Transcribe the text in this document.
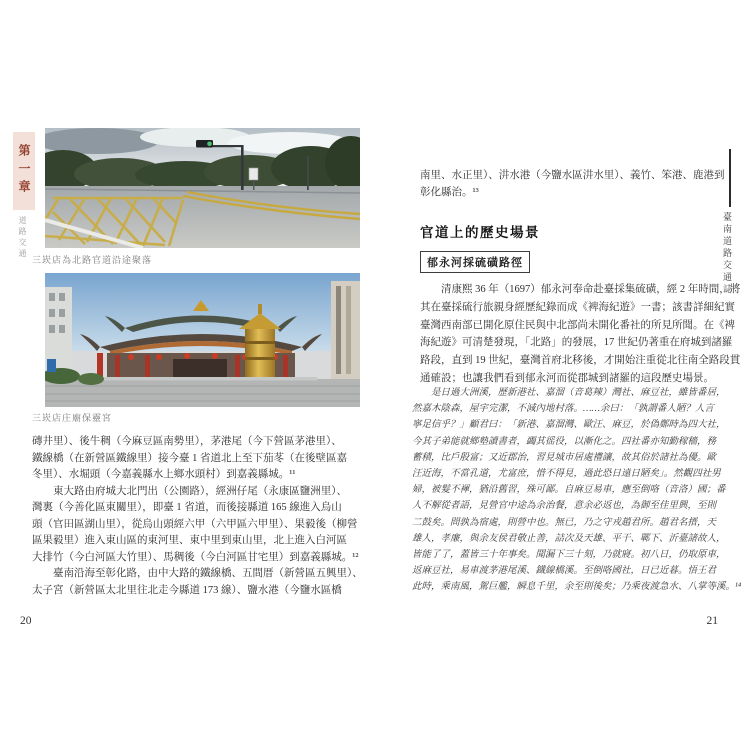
第一章
道路交通	臺南道路交通誌
三崁店為北路官道沿途聚落
三崁店庄廟保靈宮
磚井里）、後牛稠（今麻豆區南勢里），茅港尾（今下營區茅港里）、
鐵線橋（在新營區鐵線里）接今臺 1 省道北上至下茄苳（在後壁區嘉
冬里）、水堀頭（今嘉義縣水上鄉水頭村）到嘉義縣城。¹¹
　　東大路由府城大北門出（公園路），經洲仔尾（永康區鹽洲里）、
灣裏（今善化區東關里），即臺 1 省道，而後接縣道 165 線進入烏山
頭（官田區湖山里），從烏山頭經六甲（六甲區六甲里）、果毅後（柳營
區果毅里）進入東山區的東河里、東中里到東山里，北上進入白河區
大排竹（今白河區大竹里）、馬稠後（今白河區甘宅里）到嘉義縣城。¹²
　　臺南沿海至彰化路，由中大路的鐵線橋、五間厝（新營區五興里）、
太子宮（新營區太北里往北走今縣道 173 線）、鹽水港（今鹽水區橋
南里、水正里）、汫水港（今鹽水區汫水里）、義竹、笨港、鹿港到
彰化縣治。¹³
官道上的歷史場景
郁永河採硫磺路徑
　　清康熙 36 年（1697）郁永河奉命赴臺採集硫磺，經 2 年時間，將
其在臺採硫行旅親身經歷紀錄而成《裨海紀遊》一書；該書詳細紀實
臺灣西南部已開化原住民與中北部尚未開化番社的所見所聞。在《裨
海紀遊》可清楚發現，「北路」的發展，17 世紀仍著重在府城到諸羅
路段，直到 19 世紀，臺灣首府北移後，才開始注重從北往南全路段貫
通確設；也讓我們看到郁永河而從郡城到諸羅的這段歷史場景。
　　是日過大洲溪，歷新港社、嘉溜（音葛辣）灣社、麻豆社，雖皆番居，
然嘉木陰森，屋宇完潔，不減內地村落。……余曰：「孰謂番人陋？人言
寧足信乎？」顧君曰：「新港、嘉溜灣、歐汪、麻豆，於偽鄭時為四大社，
今其子弟能就鄉塾讀書者，蠲其徭役，以漸化之。四社番亦知勤稼穡，務
蓄積，比戶殷富；又近郡治，習見城市居處禮讓，故其俗於諸社為優。歐
汪近海，不當孔道，尤富庶，惜不得見，過此恐日遠日陋矣」。然觀四社男
婦，被髮不褌，猶沿舊習，殊可鄙。自麻豆易車，應至倒咯（音洛）國；番
人不解從者語，見營官中途為余治餐，意余必返也，為御至佳里興，至則
二鼓矣。問孰為宿處，則營中也。無已，乃之守戎趙君所。趙君名搢，天
雄人，孝廉，與余友侯君敬止善，詰次及天雄、平干、鄲下、沂臺諸故人，
皆能了了，蓋皆三十年事矣。聞漏下三十刻，乃就寢。初八日，仍取原車，
返麻豆社，易車渡茅港尾溪、鐵線橋溪。至倒咯國社，日已近暮。悟王君
此時，乘南風，駕巨艦，瞬息千里，余至則後矣；乃乘夜渡急水、八掌等溪。¹⁴
20	21
